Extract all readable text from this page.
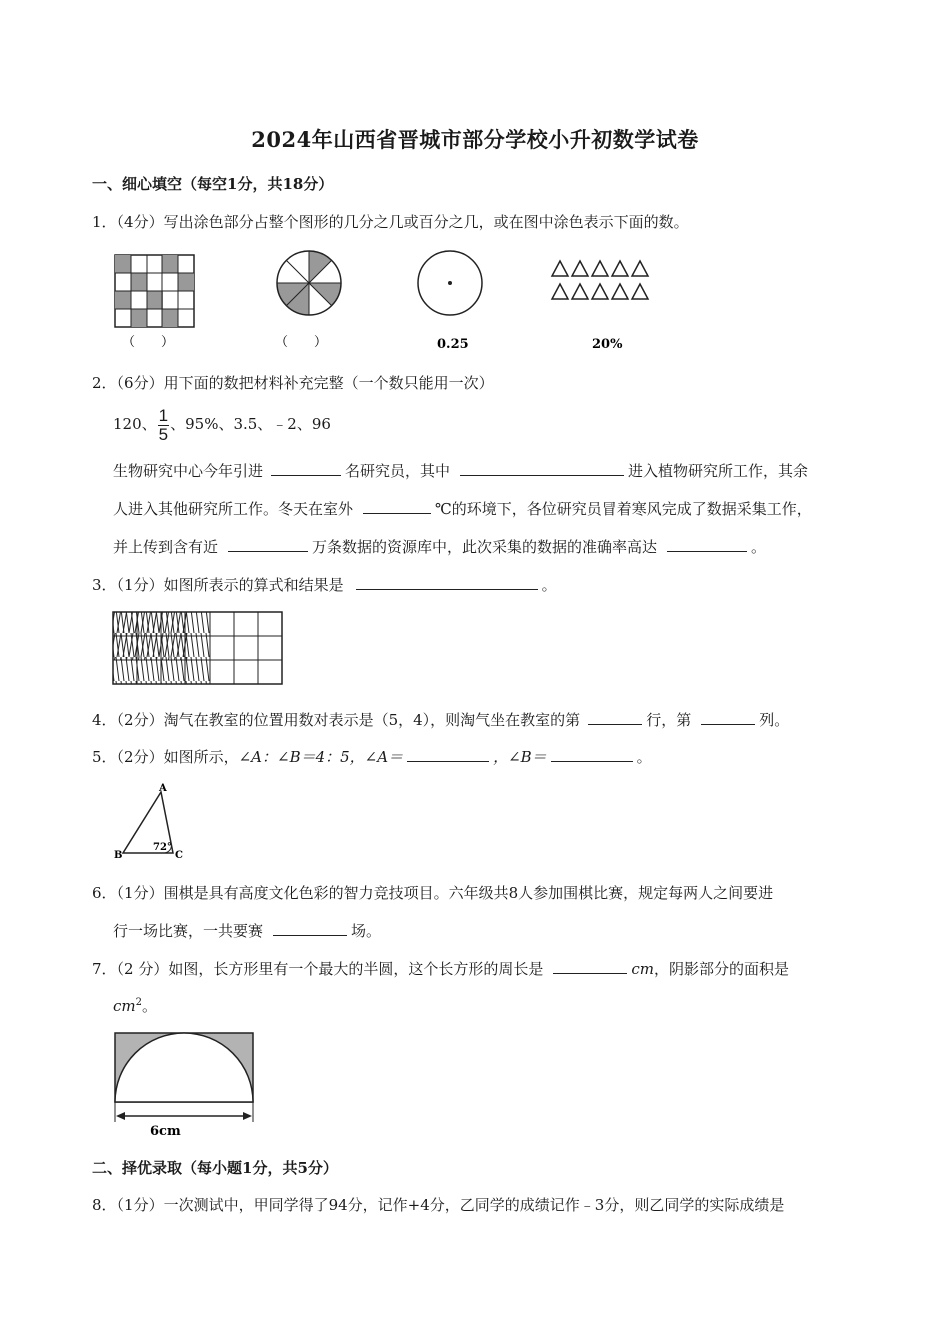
2024年山西省晋城市部分学校小升初数学试卷
一、细心填空（每空1分，共18分）
1．（4分）写出涂色部分占整个图形的几分之几或百分之几，或在图中涂色表示下面的数。
（　　）	（　　）	0.25	20%
2．（6分）用下面的数把材料补充完整（一个数只能用一次）
120、 $\frac{1}{5}$ 、95%、3.5、﹣2、96
生物研究中心今年引进	名研究员，其中	进入植物研究所工作，其余
人进入其他研究所工作。冬天在室外	℃的环境下，各位研究员冒着寒风完成了数据采集工作，
并上传到含有近	万条数据的资源库中，此次采集的数据的准确率高达	。
3．（1分）如图所表示的算式和结果是	。
4．（2分）淘气在教室的位置用数对表示是（5，4），则淘气坐在教室的第	行，第	列。
5．（2分）如图所示，∠A：∠B＝4：5，∠A＝	，∠B＝	。
A
B	C
72°
6．（1分）围棋是具有高度文化色彩的智力竞技项目。六年级共8人参加围棋比赛，规定每两人之间要进
行一场比赛，一共要赛	场。
7．（2 分）如图，长方形里有一个最大的半圆，这个长方形的周长是	cm，阴影部分的面积是
$cm^2$。
6cm
二、择优录取（每小题1分，共5分）
8．（1分）一次测试中，甲同学得了94分，记作+4分，乙同学的成绩记作﹣3分，则乙同学的实际成绩是
